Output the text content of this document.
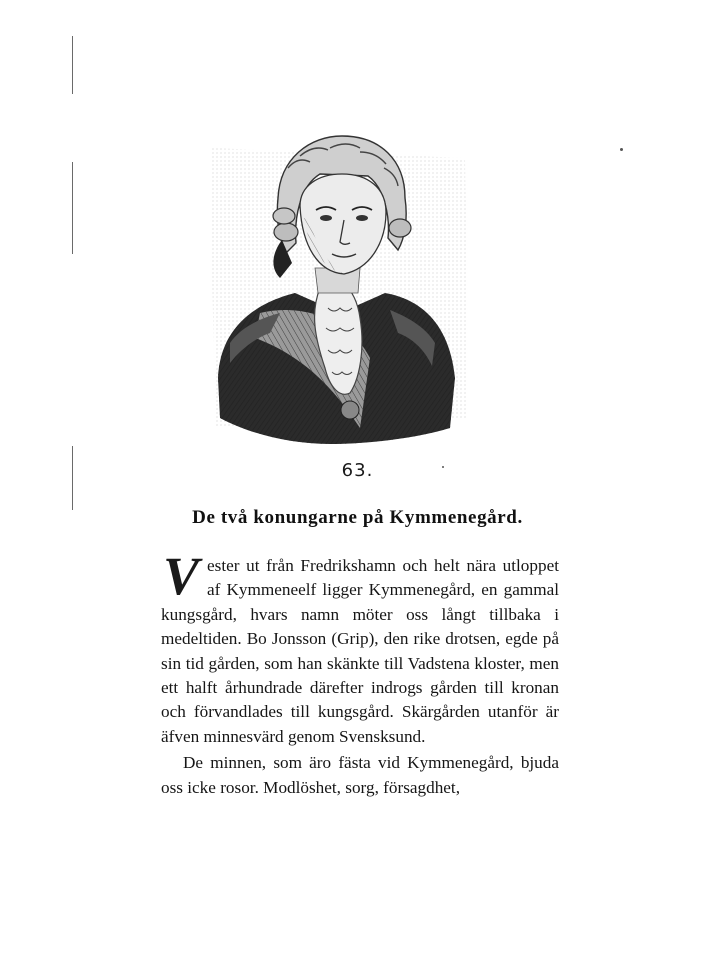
63.
De två konungarne på Kymmenegård.

V ester ut från Fredrikshamn och helt nära utloppet af Kymmeneelf ligger Kymmenegård, en gammal kungsgård, hvars namn möter oss långt tillbaka i medeltiden. Bo Jonsson (Grip), den rike drotsen, egde på sin tid gården, som han skänkte till Vadstena kloster, men ett halft århundrade därefter indrogs gården till kronan och förvandlades till kungsgård. Skärgården utanför är äfven minnesvärd genom Svensksund.

De minnen, som äro fästa vid Kymmenegård, bjuda oss icke rosor. Modlöshet, sorg, försagdhet,
